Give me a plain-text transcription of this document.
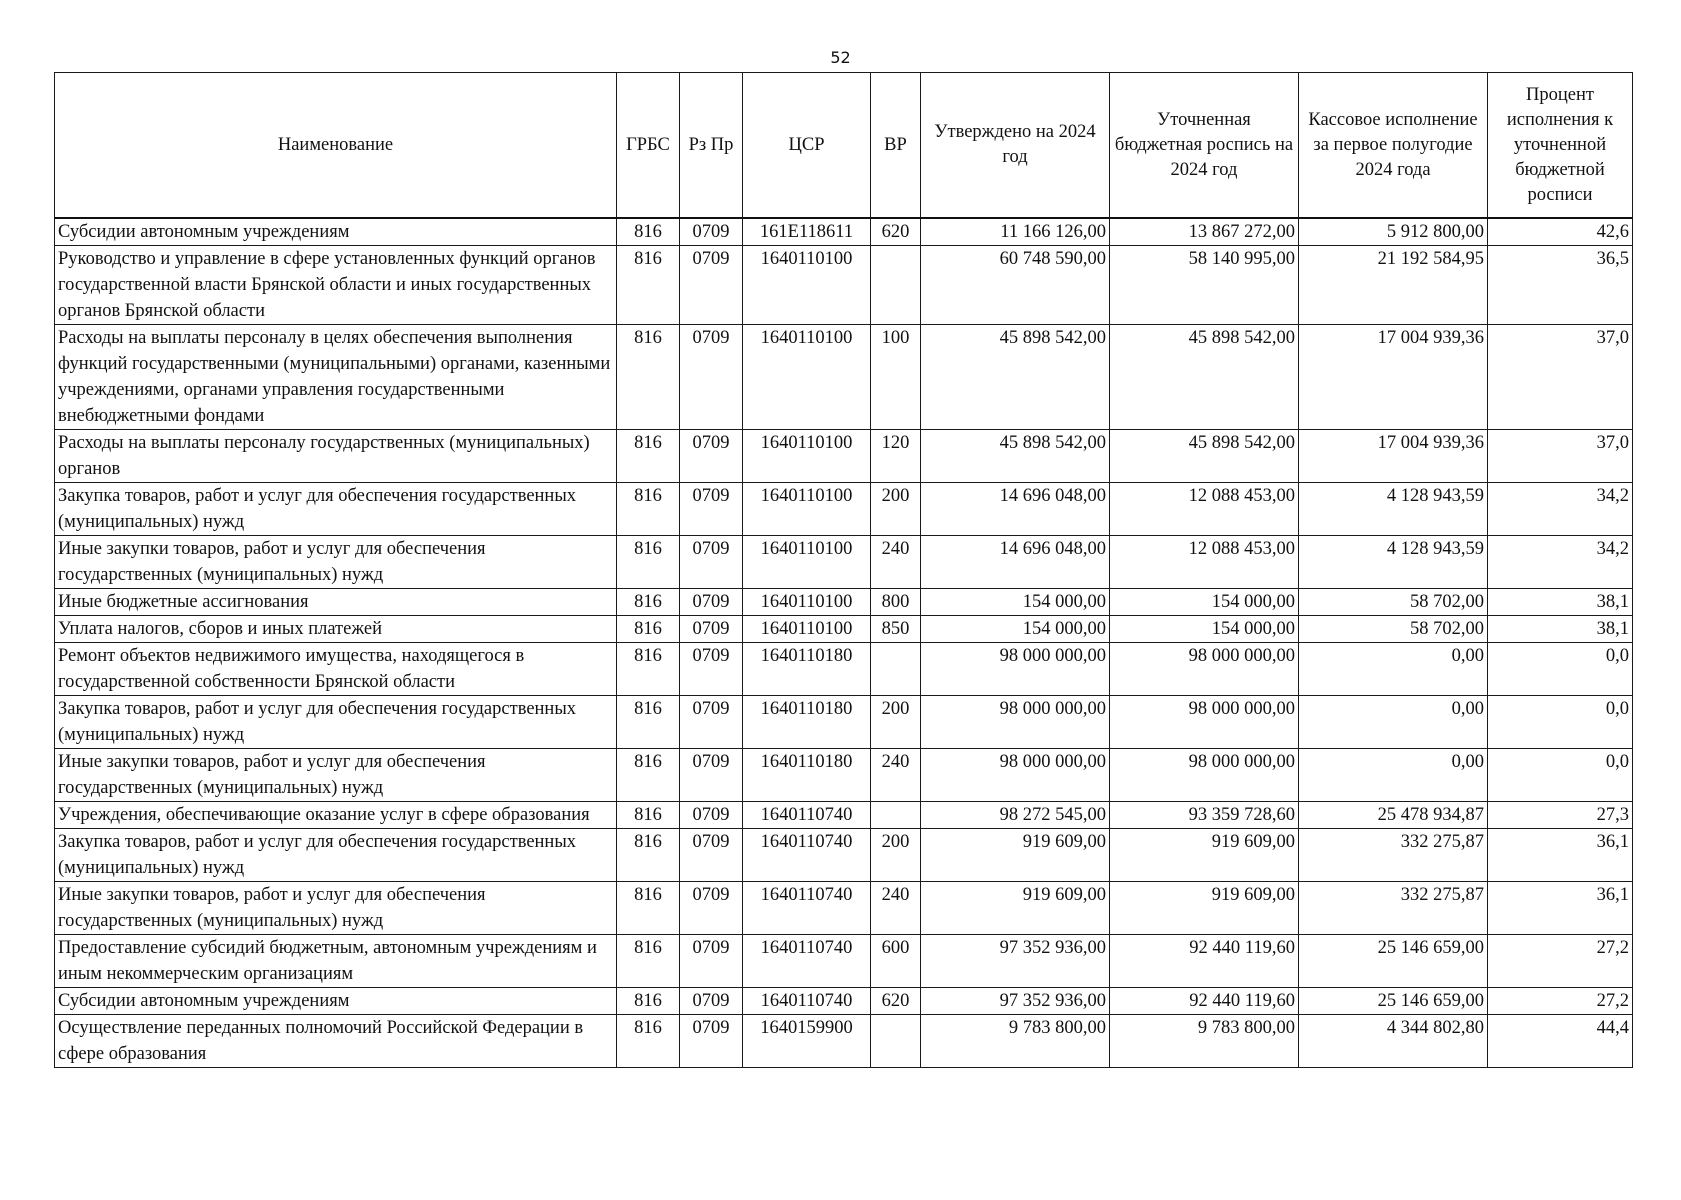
52
Наименование	ГРБС	Рз Пр	ЦСР	ВР	Утверждено на 2024 год	Уточненная бюджетная роспись на 2024 год	Кассовое исполнение за первое полугодие 2024 года	Процент исполнения к уточненной бюджетной росписи
Субсидии автономным учреждениям	816	0709	161E118611	620	11 166 126,00	13 867 272,00	5 912 800,00	42,6
Руководство и управление в сфере установленных функций органов государственной власти Брянской области и иных государственных органов Брянской области	816	0709	1640110100		60 748 590,00	58 140 995,00	21 192 584,95	36,5
Расходы на выплаты персоналу в целях обеспечения выполнения функций государственными (муниципальными) органами, казенными учреждениями, органами управления государственными внебюджетными фондами	816	0709	1640110100	100	45 898 542,00	45 898 542,00	17 004 939,36	37,0
Расходы на выплаты персоналу государственных (муниципальных) органов	816	0709	1640110100	120	45 898 542,00	45 898 542,00	17 004 939,36	37,0
Закупка товаров, работ и услуг для обеспечения государственных (муниципальных) нужд	816	0709	1640110100	200	14 696 048,00	12 088 453,00	4 128 943,59	34,2
Иные закупки товаров, работ и услуг для обеспечения государственных (муниципальных) нужд	816	0709	1640110100	240	14 696 048,00	12 088 453,00	4 128 943,59	34,2
Иные бюджетные ассигнования	816	0709	1640110100	800	154 000,00	154 000,00	58 702,00	38,1
Уплата налогов, сборов и иных платежей	816	0709	1640110100	850	154 000,00	154 000,00	58 702,00	38,1
Ремонт объектов недвижимого имущества, находящегося в государственной собственности Брянской области	816	0709	1640110180		98 000 000,00	98 000 000,00	0,00	0,0
Закупка товаров, работ и услуг для обеспечения государственных (муниципальных) нужд	816	0709	1640110180	200	98 000 000,00	98 000 000,00	0,00	0,0
Иные закупки товаров, работ и услуг для обеспечения государственных (муниципальных) нужд	816	0709	1640110180	240	98 000 000,00	98 000 000,00	0,00	0,0
Учреждения, обеспечивающие оказание услуг в сфере образования	816	0709	1640110740		98 272 545,00	93 359 728,60	25 478 934,87	27,3
Закупка товаров, работ и услуг для обеспечения государственных (муниципальных) нужд	816	0709	1640110740	200	919 609,00	919 609,00	332 275,87	36,1
Иные закупки товаров, работ и услуг для обеспечения государственных (муниципальных) нужд	816	0709	1640110740	240	919 609,00	919 609,00	332 275,87	36,1
Предоставление субсидий бюджетным, автономным учреждениям и иным некоммерческим организациям	816	0709	1640110740	600	97 352 936,00	92 440 119,60	25 146 659,00	27,2
Субсидии автономным учреждениям	816	0709	1640110740	620	97 352 936,00	92 440 119,60	25 146 659,00	27,2
Осуществление переданных полномочий Российской Федерации в сфере образования	816	0709	1640159900		9 783 800,00	9 783 800,00	4 344 802,80	44,4
